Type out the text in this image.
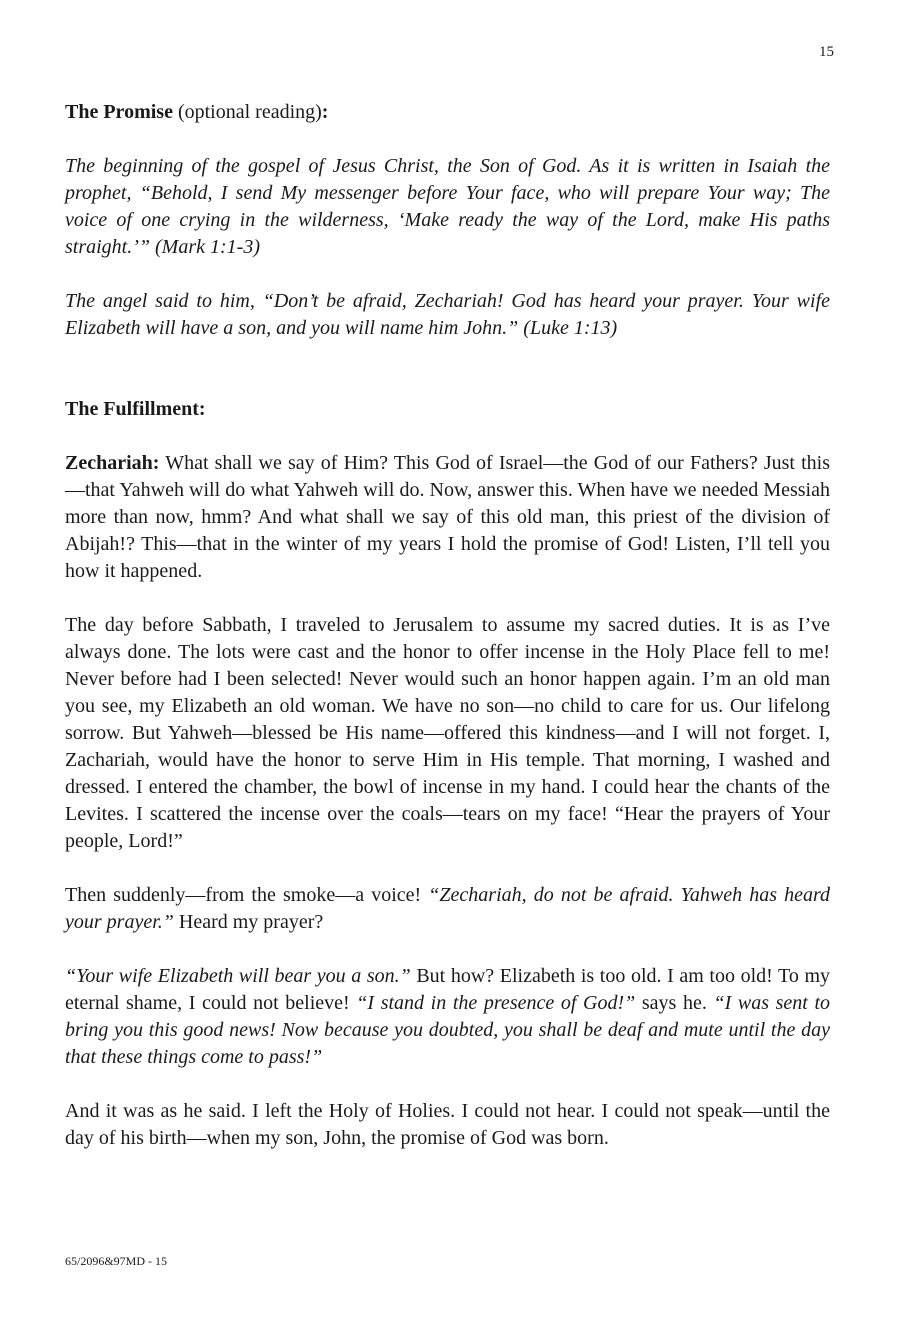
15

The Promise (optional reading):

The beginning of the gospel of Jesus Christ, the Son of God. As it is written in Isaiah the prophet, “Behold, I send My messenger before Your face, who will prepare Your way; The voice of one crying in the wilderness, ‘Make ready the way of the Lord, make His paths straight.’” (Mark 1:1-3)

The angel said to him, “Don’t be afraid, Zechariah! God has heard your prayer. Your wife Elizabeth will have a son, and you will name him John.” (Luke 1:13)

The Fulfillment:

Zechariah: What shall we say of Him? This God of Israel—the God of our Fathers? Just this—that Yahweh will do what Yahweh will do. Now, answer this. When have we needed Messiah more than now, hmm? And what shall we say of this old man, this priest of the division of Abijah!? This—that in the winter of my years I hold the promise of God! Listen, I’ll tell you how it happened.

The day before Sabbath, I traveled to Jerusalem to assume my sacred duties. It is as I’ve always done. The lots were cast and the honor to offer incense in the Holy Place fell to me! Never before had I been selected! Never would such an honor happen again. I’m an old man you see, my Elizabeth an old woman. We have no son—no child to care for us. Our lifelong sorrow. But Yahweh—blessed be His name—offered this kindness—and I will not forget. I, Zachariah, would have the honor to serve Him in His temple. That morning, I washed and dressed. I entered the chamber, the bowl of incense in my hand. I could hear the chants of the Levites. I scattered the incense over the coals—tears on my face! “Hear the prayers of Your people, Lord!”

Then suddenly—from the smoke—a voice! “Zechariah, do not be afraid. Yahweh has heard your prayer.” Heard my prayer?

“Your wife Elizabeth will bear you a son.” But how? Elizabeth is too old. I am too old! To my eternal shame, I could not believe! “I stand in the presence of God!” says he. “I was sent to bring you this good news! Now because you doubted, you shall be deaf and mute until the day that these things come to pass!”

And it was as he said. I left the Holy of Holies. I could not hear. I could not speak—until the day of his birth—when my son, John, the promise of God was born.

65/2096&97MD - 15
